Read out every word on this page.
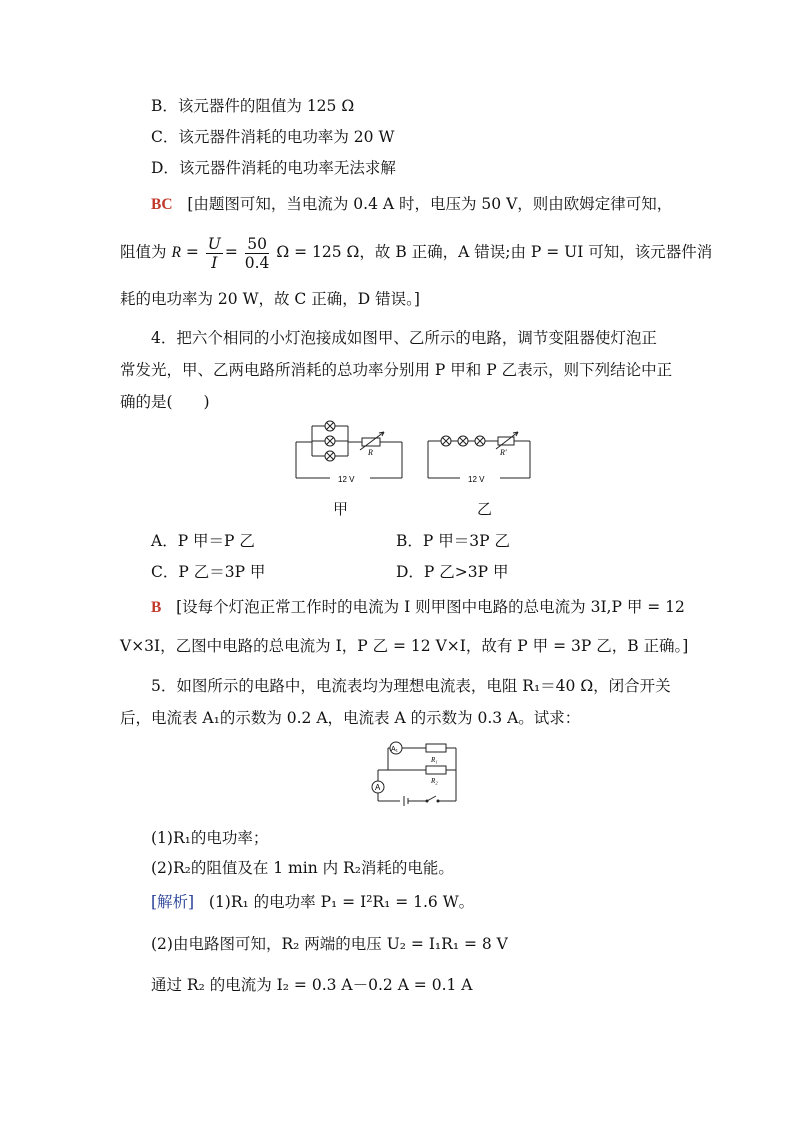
B．该元器件的阻值为 125 Ω
C．该元器件消耗的电功率为 20 W
D．该元器件消耗的电功率无法求解
BC [由题图可知，当电流为 0.4 A 时，电压为 50 V，则由欧姆定律可知，
阻值为 $R = \frac{U}{I} = \frac{50}{0.4}$ Ω = 125 Ω，故 B 正确，A 错误;由 P = UI 可知，该元器件消
耗的电功率为 20 W，故 C 正确，D 错误。]
4．把六个相同的小灯泡接成如图甲、乙所示的电路，调节变阻器使灯泡正
常发光，甲、乙两电路所消耗的总功率分别用 P 甲和 P 乙表示，则下列结论中正
确的是(　　)
R
12 V
甲
R′
12 V
乙
A．P 甲＝P 乙	B．P 甲＝3P 乙
C．P 乙＝3P 甲	D．P 乙>3P 甲
B [设每个灯泡正常工作时的电流为 I 则甲图中电路的总电流为 3I,P 甲 = 12
V×3I，乙图中电路的总电流为 I，P 乙 = 12 V×I，故有 P 甲 = 3P 乙，B 正确。]
5．如图所示的电路中，电流表均为理想电流表，电阻 R₁＝40 Ω，闭合开关
后，电流表 A₁的示数为 0.2 A，电流表 A 的示数为 0.3 A。试求：
A₁
A
R₁
R₂
(1)R₁的电功率；
(2)R₂的阻值及在 1 min 内 R₂消耗的电能。
[解析] (1)R₁ 的电功率 P₁ = I²R₁ = 1.6 W。
(2)由电路图可知，R₂ 两端的电压 U₂ = I₁R₁ = 8 V
通过 R₂ 的电流为 I₂ = 0.3 A－0.2 A = 0.1 A
